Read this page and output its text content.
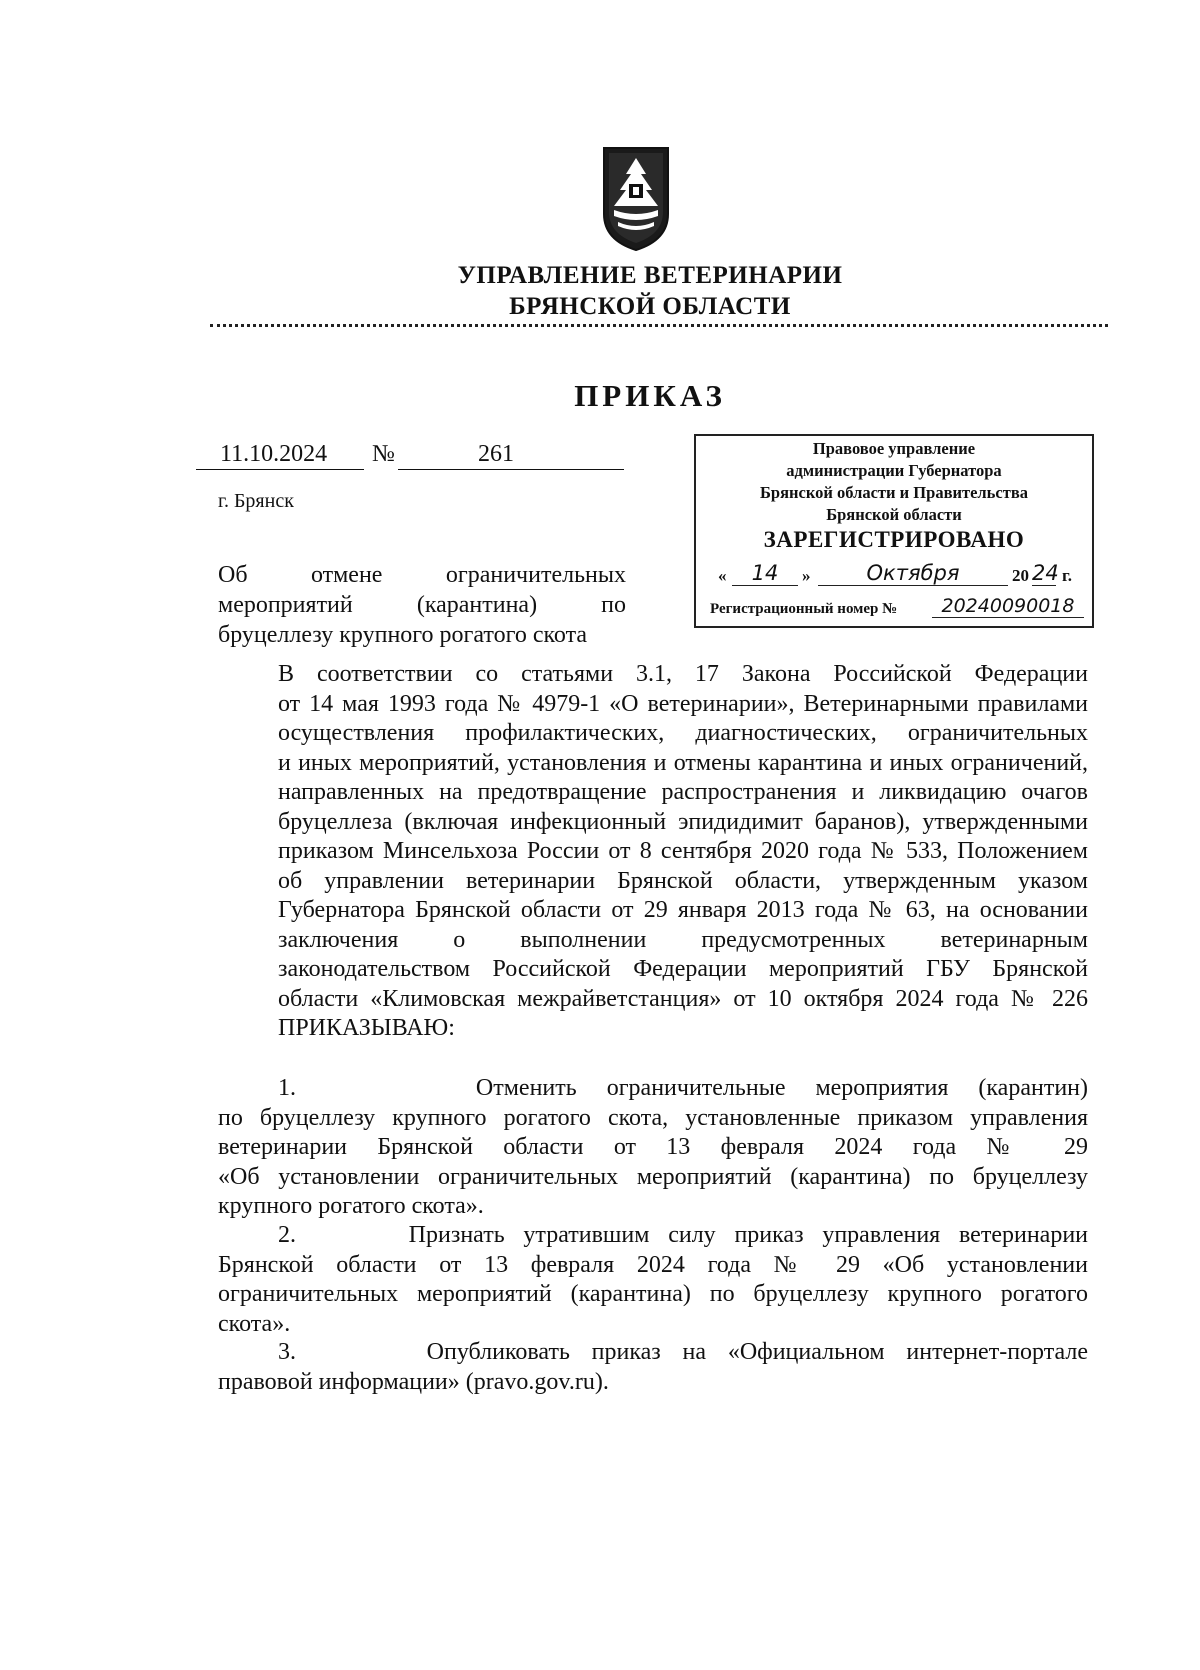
УПРАВЛЕНИЕ ВЕТЕРИНАРИИ
БРЯНСКОЙ ОБЛАСТИ
ПРИКАЗ
11.10.2024 №	261
г. Брянск
Об отмене ограничительных
мероприятий (карантина) по
бруцеллезу крупного рогатого скота
Правовое управление
администрации Губернатора
Брянской области и Правительства
Брянской области
ЗАРЕГИСТРИРОВАНО
«	14	»	Октября	20 24 г.
Регистрационный номер №	20240090018
В соответствии со статьями 3.1, 17 Закона Российской Федерации
от 14 мая 1993 года № 4979-1 «О ветеринарии», Ветеринарными правилами
осуществления профилактических, диагностических, ограничительных
и иных мероприятий, установления и отмены карантина и иных ограничений,
направленных на предотвращение распространения и ликвидацию очагов
бруцеллеза (включая инфекционный эпидидимит баранов), утвержденными
приказом Минсельхоза России от 8 сентября 2020 года № 533, Положением
об управлении ветеринарии Брянской области, утвержденным указом
Губернатора Брянской области от 29 января 2013 года № 63, на основании
заключения о выполнении предусмотренных ветеринарным
законодательством Российской Федерации мероприятий ГБУ Брянской
области «Климовская межрайветстанция» от 10 октября 2024 года № 226
ПРИКАЗЫВАЮ:
1.      Отменить ограничительные мероприятия (карантин)
по бруцеллезу крупного рогатого скота, установленные приказом управления
ветеринарии Брянской области от 13 февраля 2024 года № 29
«Об установлении ограничительных мероприятий (карантина) по бруцеллезу
крупного рогатого скота».
2.      Признать утратившим силу приказ управления ветеринарии
Брянской области от 13 февраля 2024 года № 29 «Об установлении
ограничительных мероприятий (карантина) по бруцеллезу крупного рогатого
скота».
3.      Опубликовать приказ на «Официальном интернет-портале
правовой информации» (pravo.gov.ru).
